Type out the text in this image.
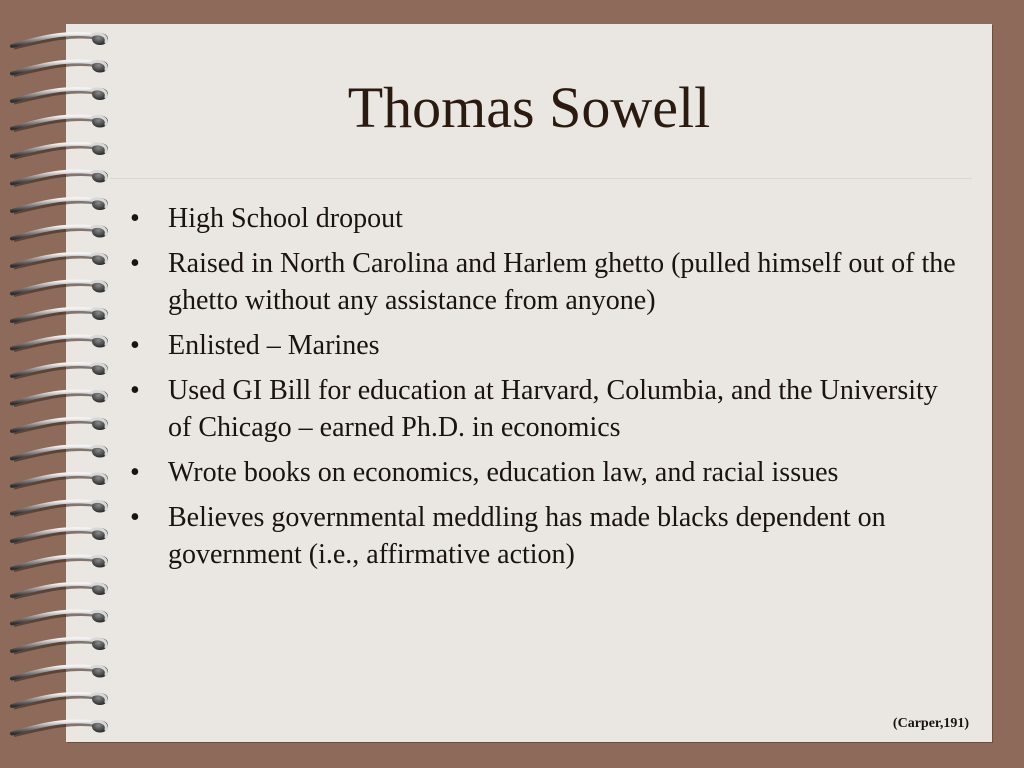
Thomas Sowell
• High School dropout
• Raised in North Carolina and Harlem ghetto (pulled himself out of the ghetto without any assistance from anyone)
• Enlisted – Marines
• Used GI Bill for education at Harvard, Columbia, and the University of Chicago – earned Ph.D. in economics
• Wrote books on economics, education law, and racial issues
• Believes governmental meddling has made blacks dependent on government (i.e., affirmative action)
(Carper,191)
